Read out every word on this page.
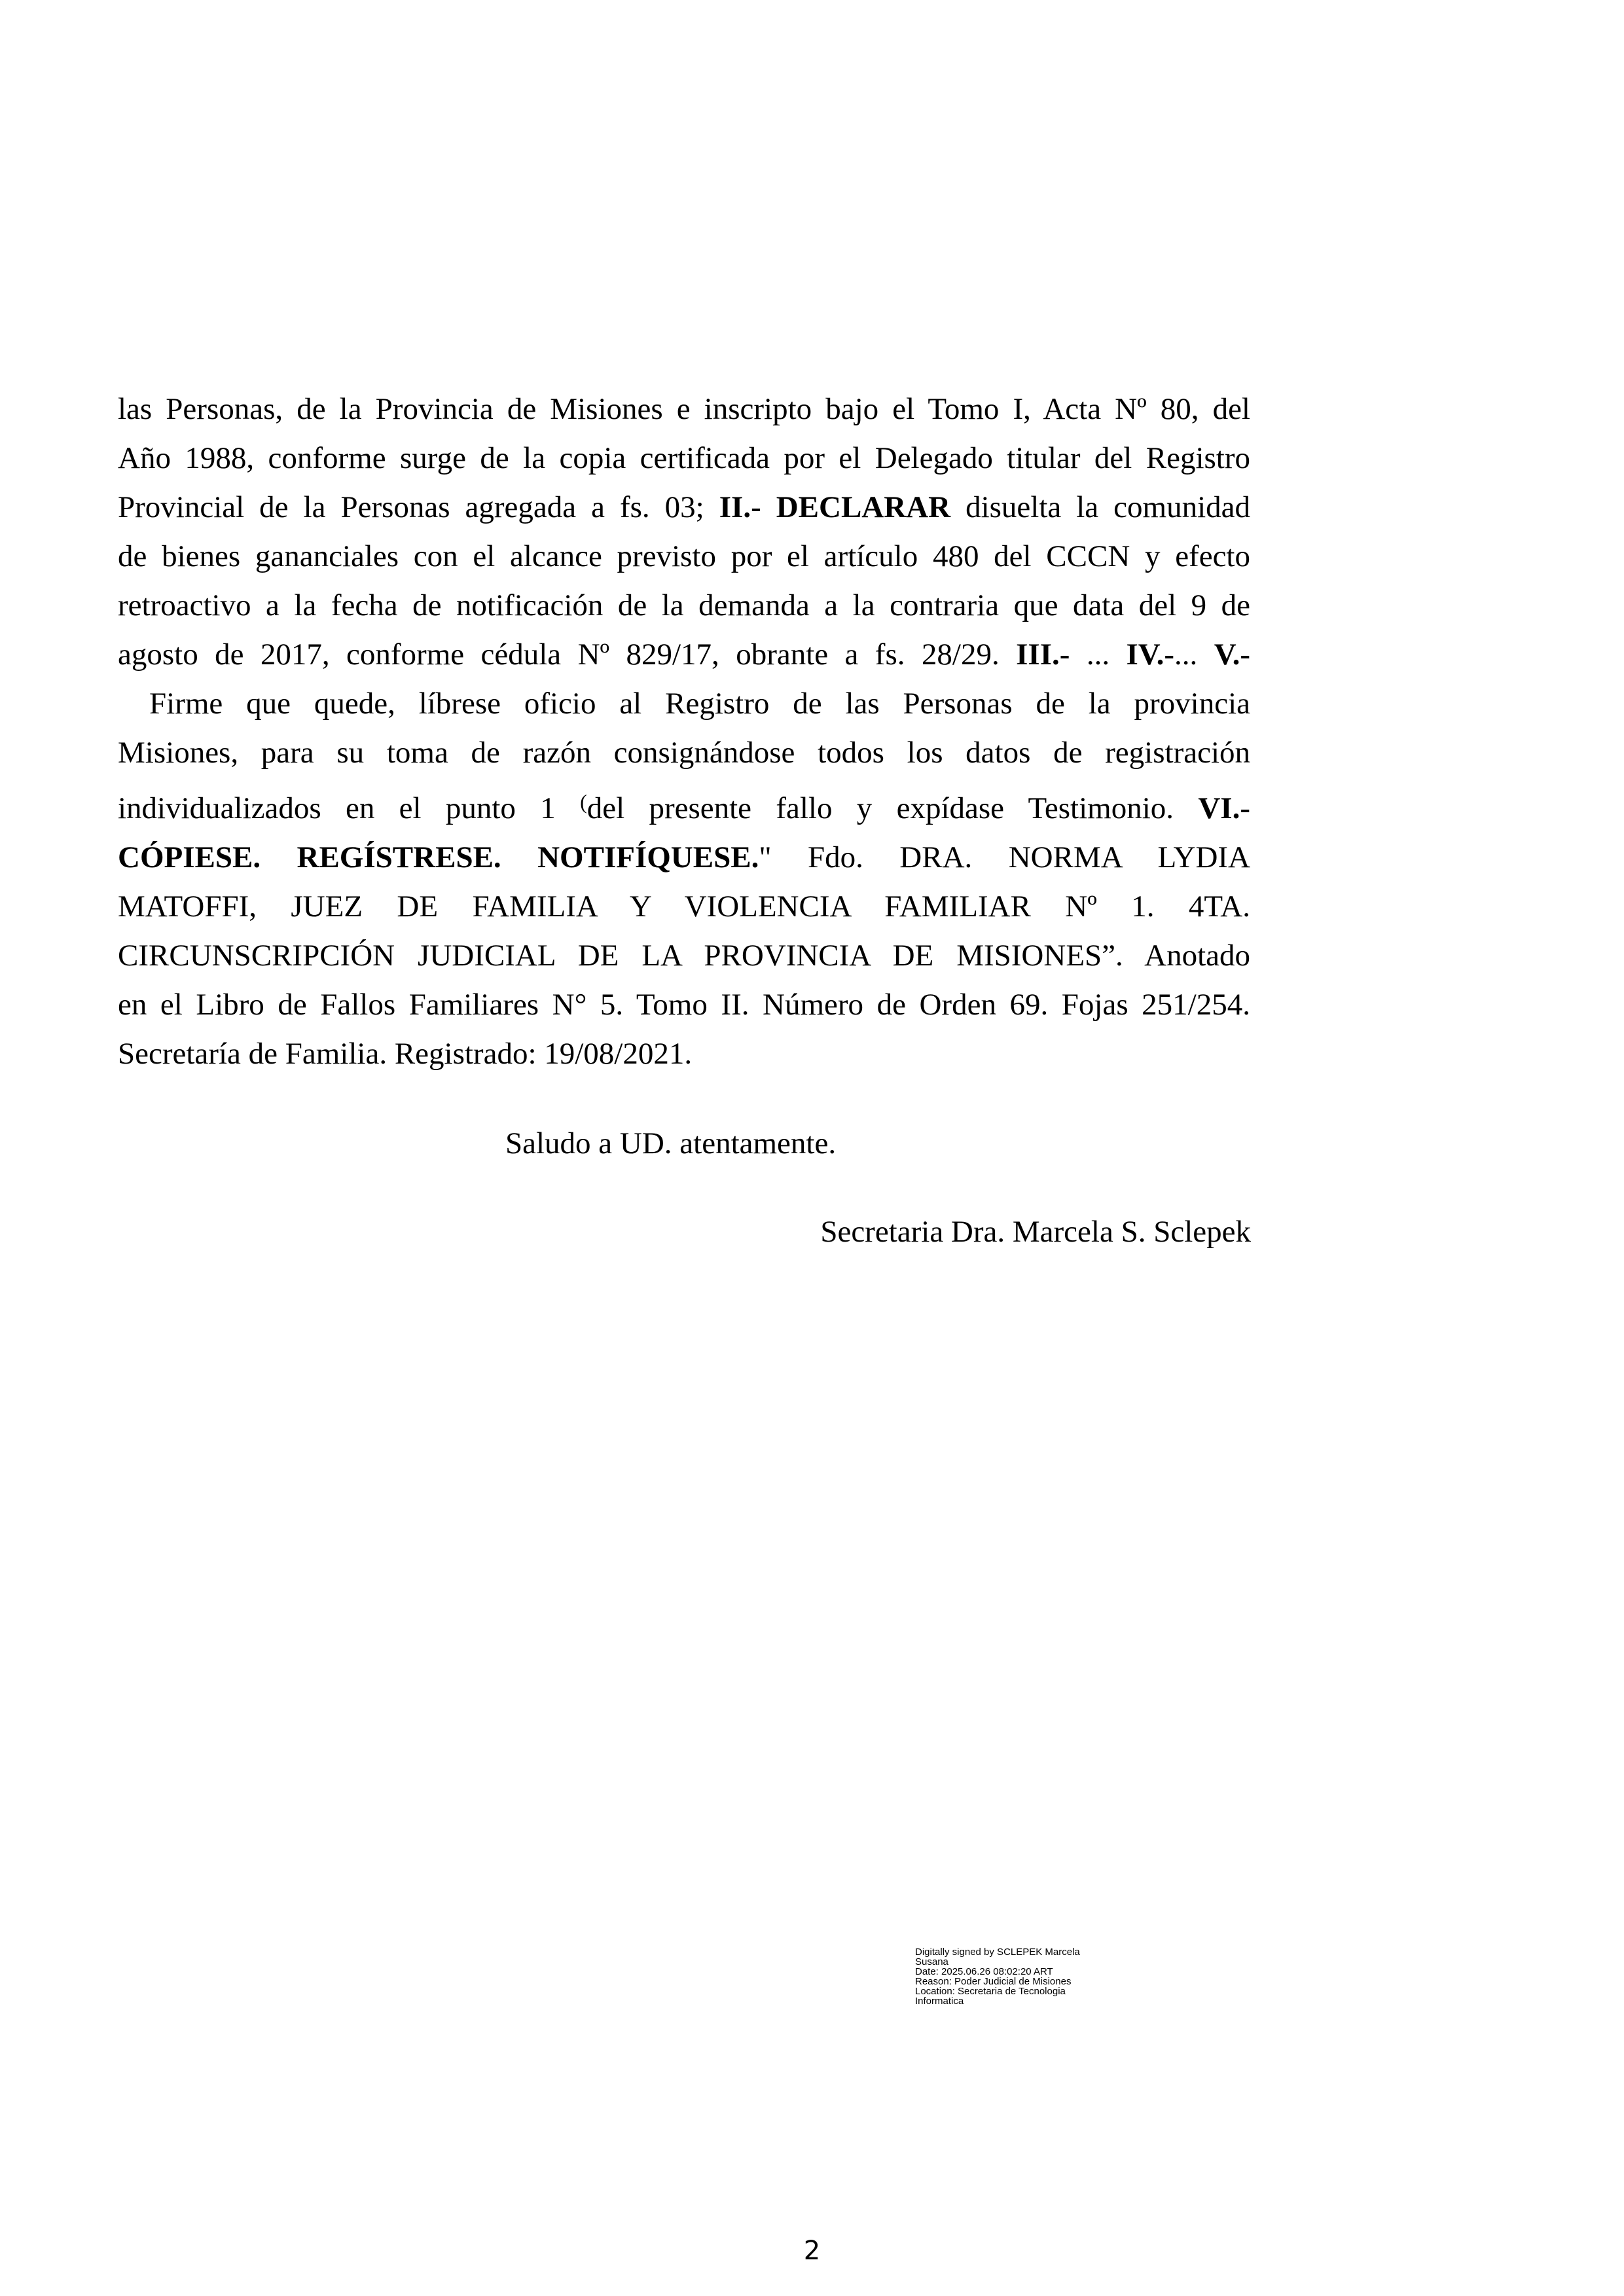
las Personas, de la Provincia de Misiones e inscripto bajo el Tomo I, Acta Nº 80, del
Año 1988, conforme surge de la copia certificada por el Delegado titular del Registro
Provincial de la Personas agregada a fs. 03; II.- DECLARAR disuelta la comunidad
de bienes gananciales con el alcance previsto por el artículo 480 del CCCN y efecto
retroactivo a la fecha de notificación de la demanda a la contraria que data del 9 de
agosto de 2017, conforme cédula Nº 829/17, obrante a fs. 28/29. III.- ... IV.-... V.-
Firme que quede, líbrese oficio al Registro de las Personas de la provincia
Misiones, para su toma de razón consignándose todos los datos de registración
individualizados en el punto 1 (del presente fallo y expídase Testimonio. VI.-
CÓPIESE. REGÍSTRESE. NOTIFÍQUESE." Fdo. DRA. NORMA LYDIA
MATOFFI, JUEZ DE FAMILIA Y VIOLENCIA FAMILIAR Nº 1. 4TA.
CIRCUNSCRIPCIÓN JUDICIAL DE LA PROVINCIA DE MISIONES”. Anotado
en el Libro de Fallos Familiares N° 5. Tomo II. Número de Orden 69. Fojas 251/254.
Secretaría de Familia. Registrado: 19/08/2021.
Saludo a UD. atentamente.
Secretaria Dra. Marcela S. Sclepek
Digitally signed by SCLEPEK Marcela
Susana
Date: 2025.06.26 08:02:20 ART
Reason: Poder Judicial de Misiones
Location: Secretaria de Tecnologia
Informatica
2
